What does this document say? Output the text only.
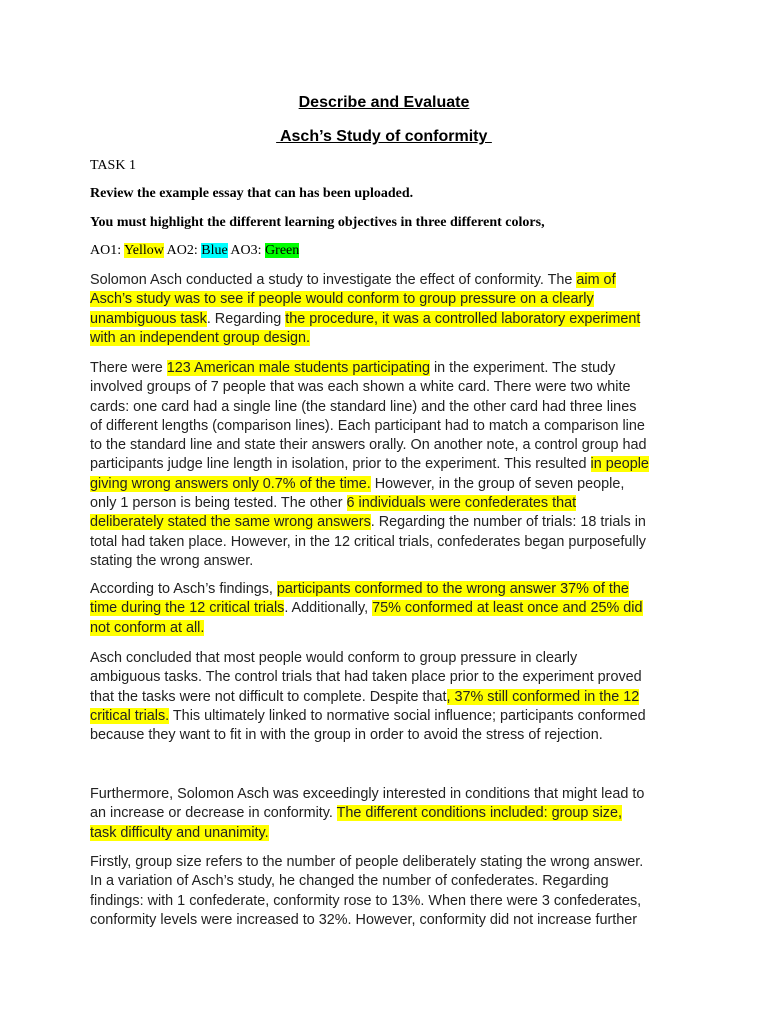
Describe and Evaluate

Asch’s Study of conformity

TASK 1

Review the example essay that can has been uploaded.

You must highlight the different learning objectives in three different colors,

AO1: Yellow AO2: Blue AO3: Green

Solomon Asch conducted a study to investigate the effect of conformity. The aim of
Asch’s study was to see if people would conform to group pressure on a clearly
unambiguous task. Regarding the procedure, it was a controlled laboratory experiment
with an independent group design.
There were 123 American male students participating in the experiment. The study
involved groups of 7 people that was each shown a white card. There were two white
cards: one card had a single line (the standard line) and the other card had three lines
of different lengths (comparison lines). Each participant had to match a comparison line
to the standard line and state their answers orally. On another note, a control group had
participants judge line length in isolation, prior to the experiment. This resulted in people
giving wrong answers only 0.7% of the time. However, in the group of seven people,
only 1 person is being tested. The other 6 individuals were confederates that
deliberately stated the same wrong answers. Regarding the number of trials: 18 trials in
total had taken place. However, in the 12 critical trials, confederates began purposefully
stating the wrong answer.
According to Asch’s findings, participants conformed to the wrong answer 37% of the
time during the 12 critical trials. Additionally, 75% conformed at least once and 25% did
not conform at all.
Asch concluded that most people would conform to group pressure in clearly
ambiguous tasks. The control trials that had taken place prior to the experiment proved
that the tasks were not difficult to complete. Despite that, 37% still conformed in the 12
critical trials. This ultimately linked to normative social influence; participants conformed
because they want to fit in with the group in order to avoid the stress of rejection.
Furthermore, Solomon Asch was exceedingly interested in conditions that might lead to
an increase or decrease in conformity. The different conditions included: group size,
task difficulty and unanimity.
Firstly, group size refers to the number of people deliberately stating the wrong answer.
In a variation of Asch’s study, he changed the number of confederates. Regarding
findings: with 1 confederate, conformity rose to 13%. When there were 3 confederates,
conformity levels were increased to 32%. However, conformity did not increase further
